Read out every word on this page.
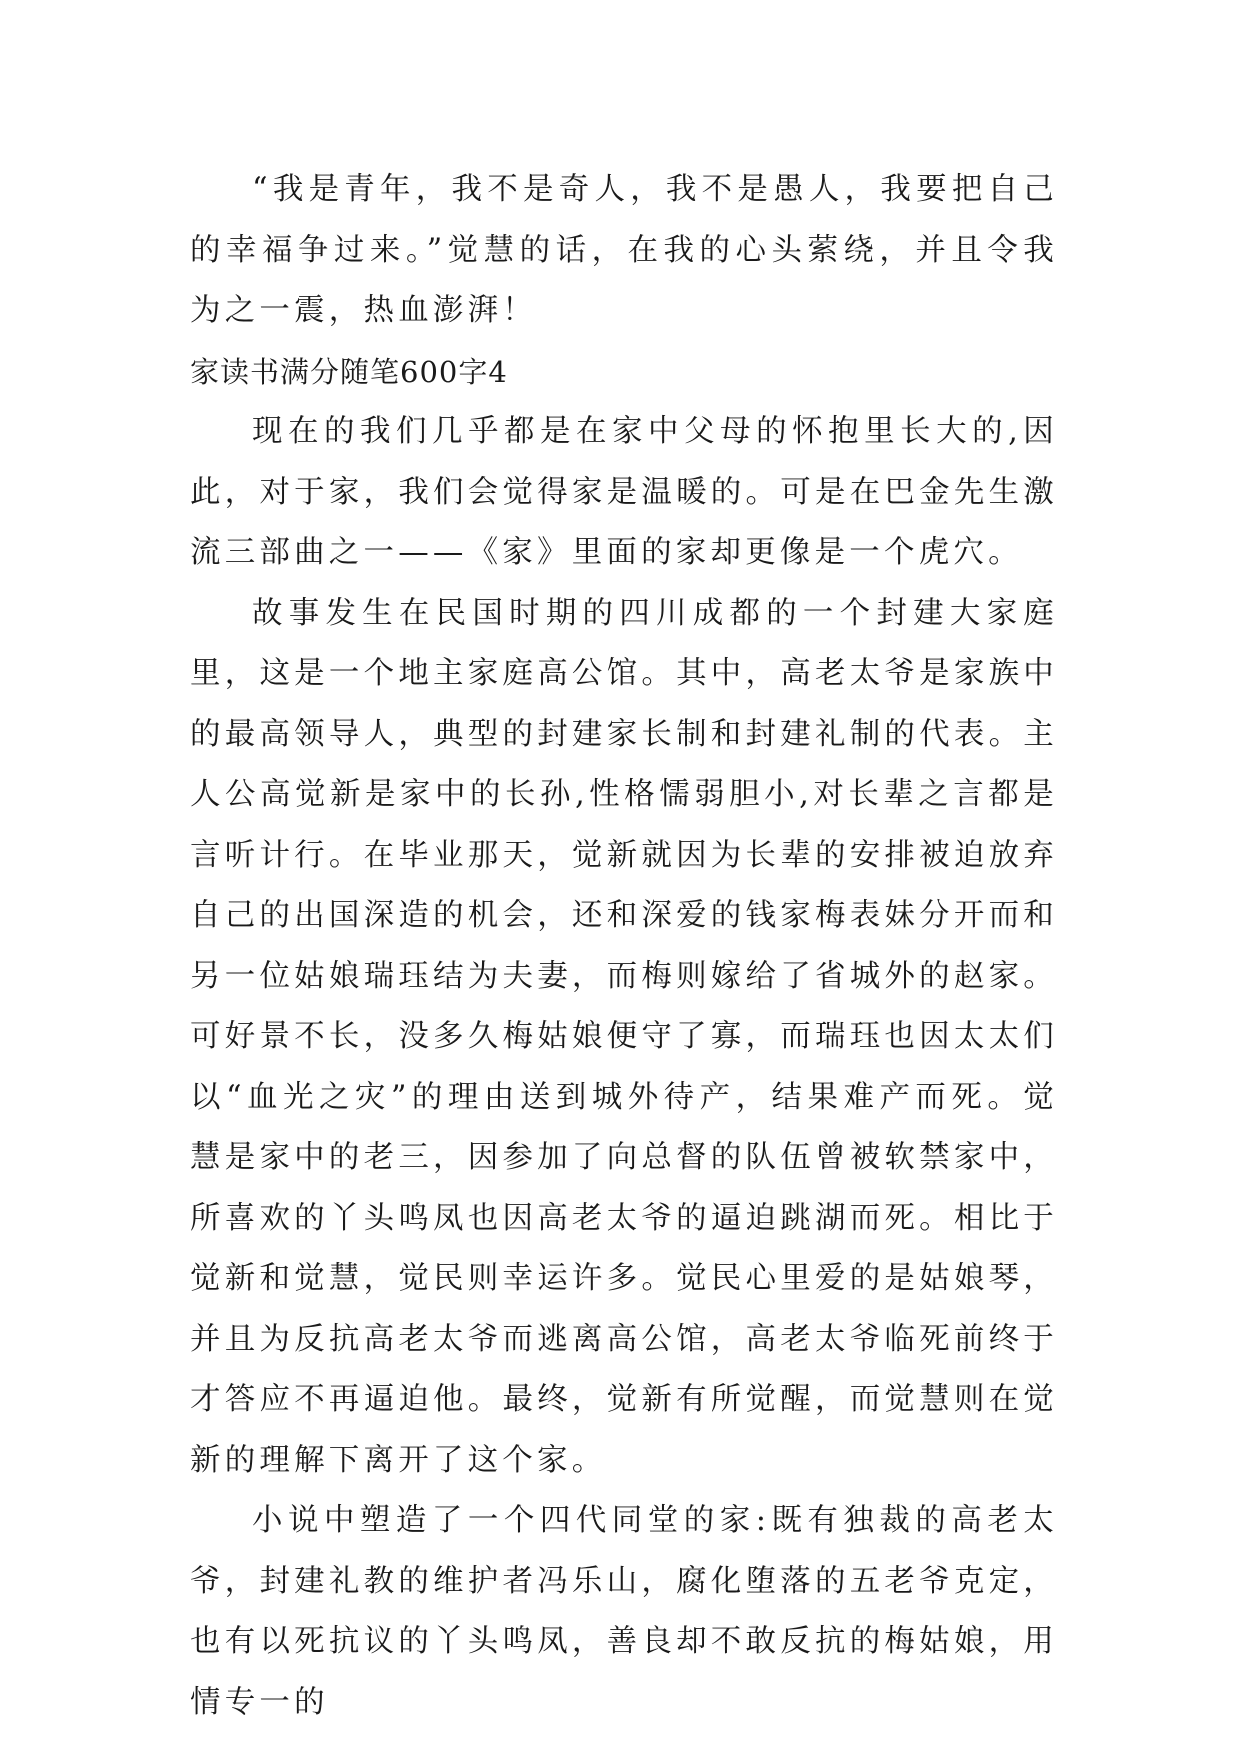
“我是青年，我不是奇人，我不是愚人，我要把自己的幸福争过来。”觉慧的话，在我的心头萦绕，并且令我为之一震，热血澎湃！

家读书满分随笔600字4

现在的我们几乎都是在家中父母的怀抱里长大的,因此，对于家，我们会觉得家是温暖的。可是在巴金先生激流三部曲之一——《家》里面的家却更像是一个虎穴。

故事发生在民国时期的四川成都的一个封建大家庭里，这是一个地主家庭高公馆。其中，高老太爷是家族中的最高领导人，典型的封建家长制和封建礼制的代表。主人公高觉新是家中的长孙,性格懦弱胆小,对长辈之言都是言听计行。在毕业那天，觉新就因为长辈的安排被迫放弃自己的出国深造的机会，还和深爱的钱家梅表妹分开而和另一位姑娘瑞珏结为夫妻，而梅则嫁给了省城外的赵家。可好景不长，没多久梅姑娘便守了寡，而瑞珏也因太太们以“血光之灾”的理由送到城外待产，结果难产而死。觉慧是家中的老三，因参加了向总督的队伍曾被软禁家中，所喜欢的丫头鸣凤也因高老太爷的逼迫跳湖而死。相比于觉新和觉慧，觉民则幸运许多。觉民心里爱的是姑娘琴，并且为反抗高老太爷而逃离高公馆，高老太爷临死前终于才答应不再逼迫他。最终，觉新有所觉醒，而觉慧则在觉新的理解下离开了这个家。

小说中塑造了一个四代同堂的家:既有独裁的高老太爷，封建礼教的维护者冯乐山，腐化堕落的五老爷克定，也有以死抗议的丫头鸣凤，善良却不敢反抗的梅姑娘，用情专一的
